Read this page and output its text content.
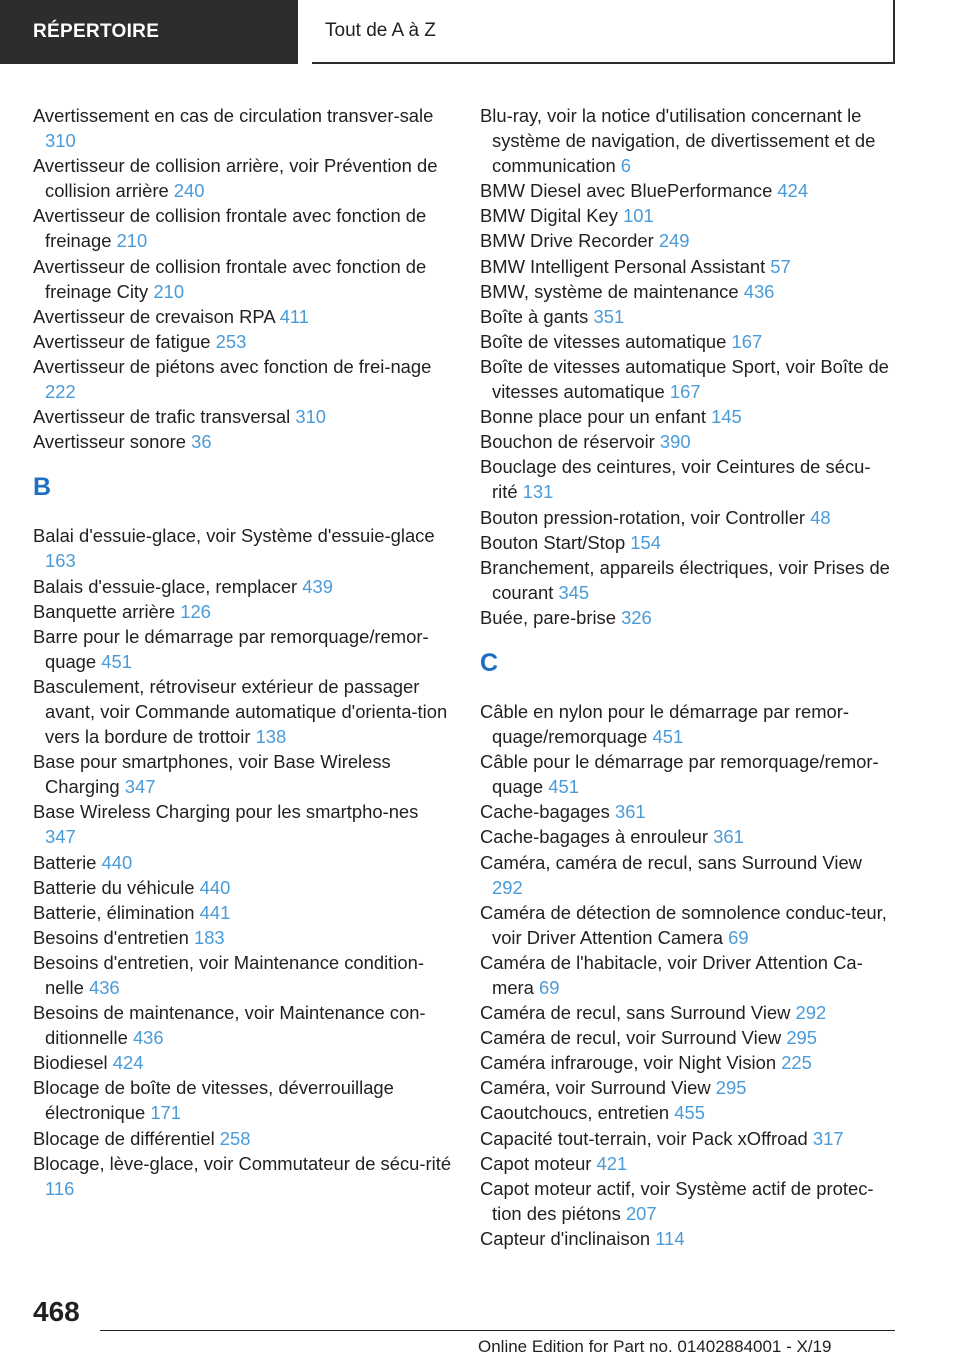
RÉPERTOIRE	Tout de A à Z
Avertissement en cas de circulation transver-sale 310
Avertisseur de collision arrière, voir Prévention de collision arrière 240
Avertisseur de collision frontale avec fonction de freinage 210
Avertisseur de collision frontale avec fonction de freinage City 210
Avertisseur de crevaison RPA 411
Avertisseur de fatigue 253
Avertisseur de piétons avec fonction de frei-nage 222
Avertisseur de trafic transversal 310
Avertisseur sonore 36
B
Balai d'essuie-glace, voir Système d'essuie-glace 163
Balais d'essuie-glace, remplacer 439
Banquette arrière 126
Barre pour le démarrage par remorquage/remor-quage 451
Basculement, rétroviseur extérieur de passager avant, voir Commande automatique d'orienta-tion vers la bordure de trottoir 138
Base pour smartphones, voir Base Wireless Charging 347
Base Wireless Charging pour les smartpho-nes 347
Batterie 440
Batterie du véhicule 440
Batterie, élimination 441
Besoins d'entretien 183
Besoins d'entretien, voir Maintenance condition-nelle 436
Besoins de maintenance, voir Maintenance con-ditionnelle 436
Biodiesel 424
Blocage de boîte de vitesses, déverrouillage électronique 171
Blocage de différentiel 258
Blocage, lève-glace, voir Commutateur de sécu-rité 116
Blu-ray, voir la notice d'utilisation concernant le système de navigation, de divertissement et de communication 6
BMW Diesel avec BluePerformance 424
BMW Digital Key 101
BMW Drive Recorder 249
BMW Intelligent Personal Assistant 57
BMW, système de maintenance 436
Boîte à gants 351
Boîte de vitesses automatique 167
Boîte de vitesses automatique Sport, voir Boîte de vitesses automatique 167
Bonne place pour un enfant 145
Bouchon de réservoir 390
Bouclage des ceintures, voir Ceintures de sécu-rité 131
Bouton pression-rotation, voir Controller 48
Bouton Start/Stop 154
Branchement, appareils électriques, voir Prises de courant 345
Buée, pare-brise 326
C
Câble en nylon pour le démarrage par remor-quage/remorquage 451
Câble pour le démarrage par remorquage/remor-quage 451
Cache-bagages 361
Cache-bagages à enrouleur 361
Caméra, caméra de recul, sans Surround View 292
Caméra de détection de somnolence conduc-teur, voir Driver Attention Camera 69
Caméra de l'habitacle, voir Driver Attention Ca-mera 69
Caméra de recul, sans Surround View 292
Caméra de recul, voir Surround View 295
Caméra infrarouge, voir Night Vision 225
Caméra, voir Surround View 295
Caoutchoucs, entretien 455
Capacité tout-terrain, voir Pack xOffroad 317
Capot moteur 421
Capot moteur actif, voir Système actif de protec-tion des piétons 207
Capteur d'inclinaison 114
468
Online Edition for Part no. 01402884001 - X/19
